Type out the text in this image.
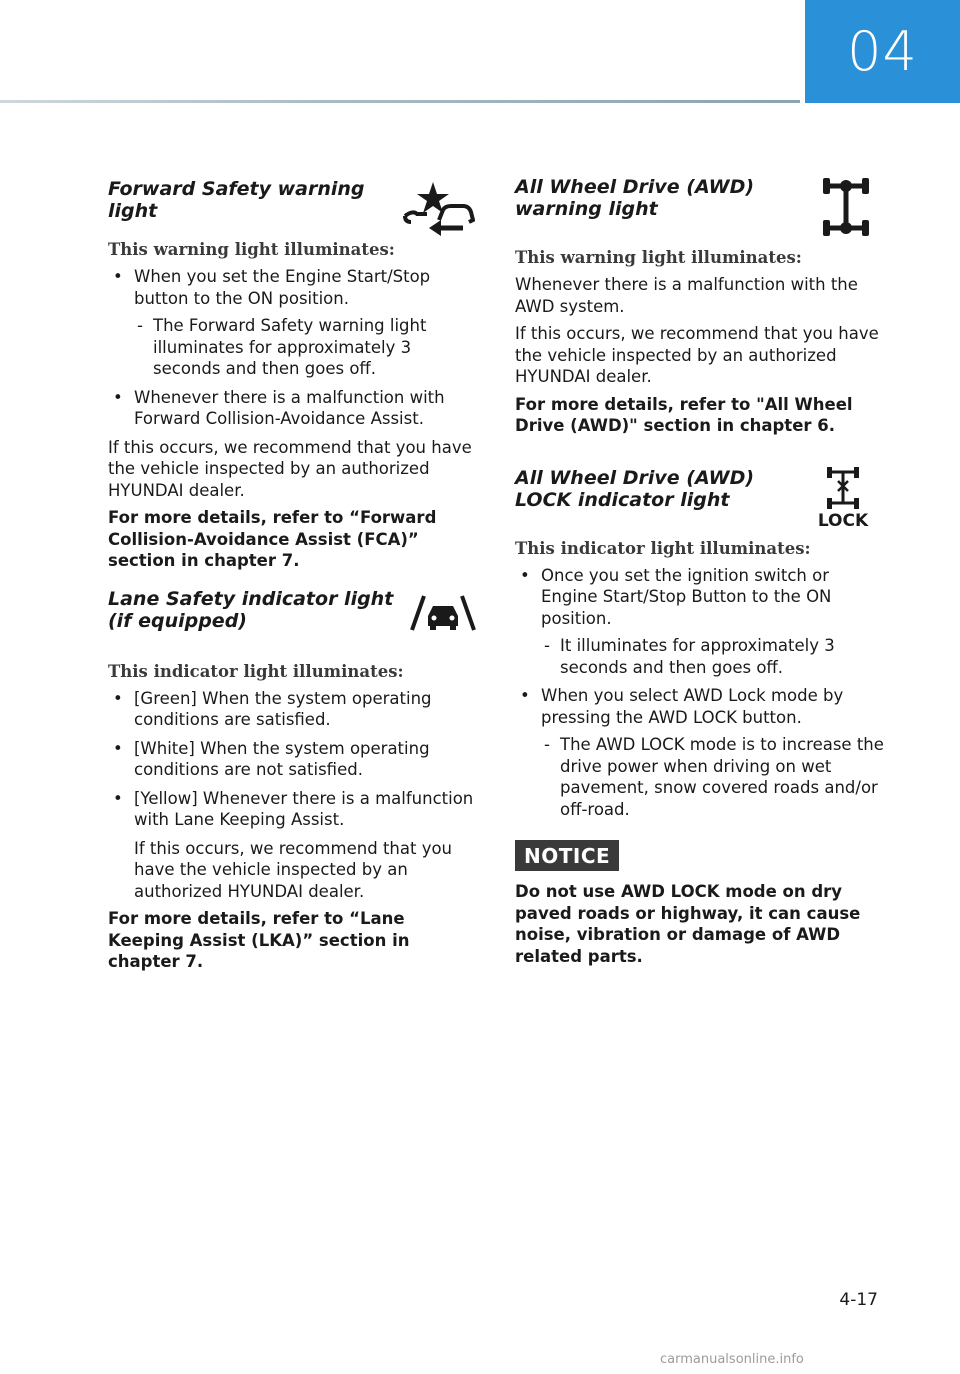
04
Forward Safety warning light

This warning light illuminates:

• When you set the Engine Start/Stop button to the ON position.
- The Forward Safety warning light illuminates for approximately 3 seconds and then goes off.
• Whenever there is a malfunction with Forward Collision-Avoidance Assist.

If this occurs, we recommend that you have the vehicle inspected by an authorized HYUNDAI dealer.

For more details, refer to “Forward Collision-Avoidance Assist (FCA)” section in chapter 7.

Lane Safety indicator light (if equipped)

This indicator light illuminates:

• [Green] When the system operating conditions are satisfied.
• [White] When the system operating conditions are not satisfied.
• [Yellow] Whenever there is a malfunction with Lane Keeping Assist.

If this occurs, we recommend that you have the vehicle inspected by an authorized HYUNDAI dealer.

For more details, refer to “Lane Keeping Assist (LKA)” section in chapter 7.

All Wheel Drive (AWD) warning light

This warning light illuminates:

Whenever there is a malfunction with the AWD system.

If this occurs, we recommend that you have the vehicle inspected by an authorized HYUNDAI dealer.

For more details, refer to "All Wheel Drive (AWD)" section in chapter 6.

All Wheel Drive (AWD) LOCK indicator light
LOCK

This indicator light illuminates:

• Once you set the ignition switch or Engine Start/Stop Button to the ON position.
- It illuminates for approximately 3 seconds and then goes off.
• When you select AWD Lock mode by pressing the AWD LOCK button.
- The AWD LOCK mode is to increase the drive power when driving on wet pavement, snow covered roads and/or off-road.
NOTICE

Do not use AWD LOCK mode on dry paved roads or highway, it can cause noise, vibration or damage of AWD related parts.

4-17
carmanualsonline.info
